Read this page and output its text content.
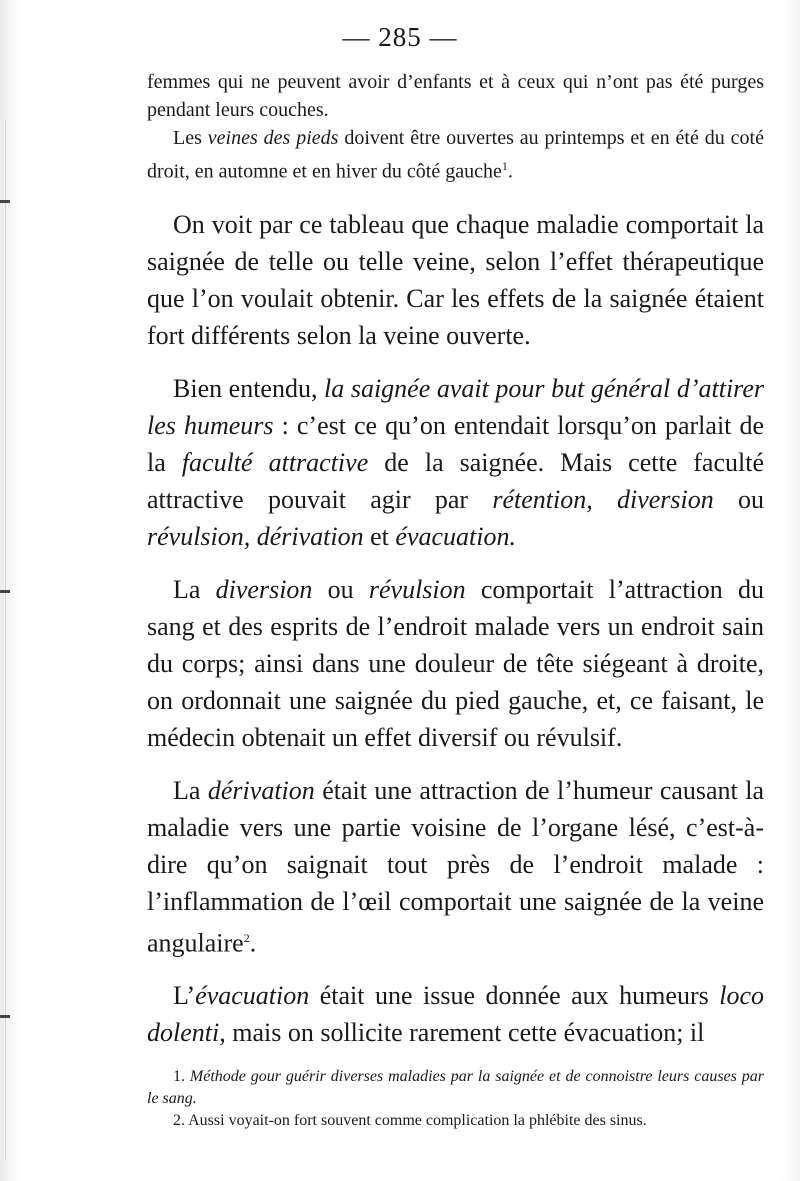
— 285 —

femmes qui ne peuvent avoir d’enfants et à ceux qui n’ont pas été purges pendant leurs couches.

Les veines des pieds doivent être ouvertes au printemps et en été du coté droit, en automne et en hiver du côté gauche$^1$.

On voit par ce tableau que chaque maladie comportait la saignée de telle ou telle veine, selon l’effet thérapeutique que l’on voulait obtenir. Car les effets de la saignée étaient fort différents selon la veine ouverte.

Bien entendu, la saignée avait pour but général d’attirer les humeurs : c’est ce qu’on entendait lorsqu’on parlait de la faculté attractive de la saignée. Mais cette faculté attractive pouvait agir par rétention, diversion ou révulsion, dérivation et évacuation.

La diversion ou révulsion comportait l’attraction du sang et des esprits de l’endroit malade vers un endroit sain du corps; ainsi dans une douleur de tête siégeant à droite, on ordonnait une saignée du pied gauche, et, ce faisant, le médecin obtenait un effet diversif ou révulsif.

La dérivation était une attraction de l’humeur causant la maladie vers une partie voisine de l’organe lésé, c’est-à-dire qu’on saignait tout près de l’endroit malade : l’inflammation de l’œil comportait une saignée de la veine angulaire$^2$.

L’évacuation était une issue donnée aux humeurs loco dolenti, mais on sollicite rarement cette évacuation; il

1. Méthode gour guérir diverses maladies par la saignée et de connoistre leurs causes par le sang.

2. Aussi voyait-on fort souvent comme complication la phlébite des sinus.
